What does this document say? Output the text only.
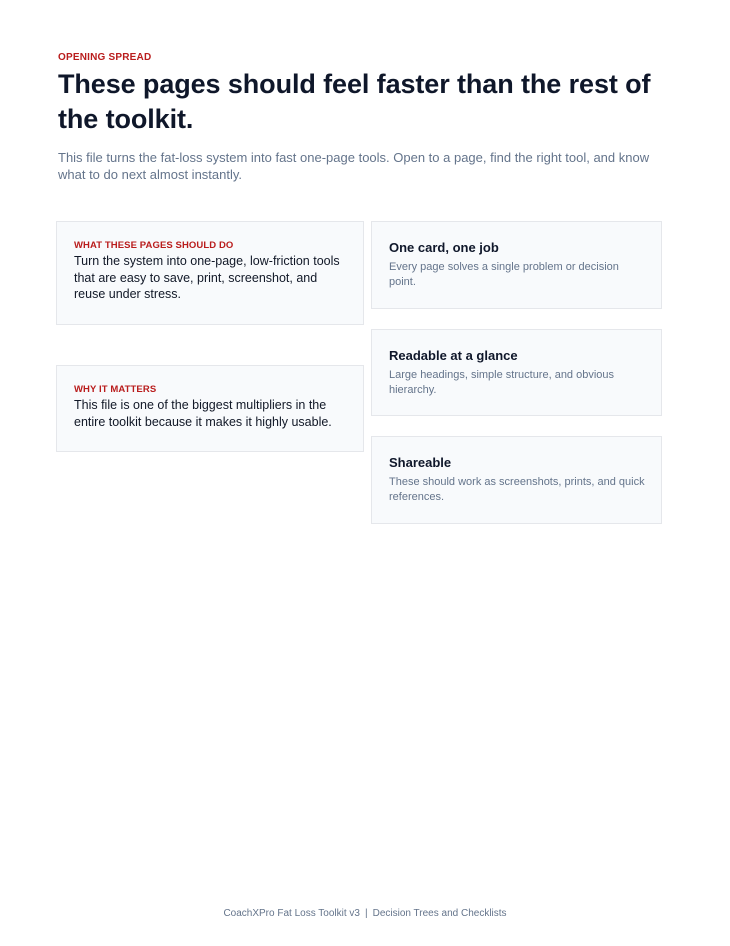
OPENING SPREAD
These pages should feel faster than the rest of the toolkit.

This file turns the fat-loss system into fast one-page tools. Open to a page, find the right tool, and know what to do next almost instantly.

WHAT THESE PAGES SHOULD DO
Turn the system into one-page, low-friction tools that are easy to save, print, screenshot, and reuse under stress.
WHY IT MATTERS
This file is one of the biggest multipliers in the entire toolkit because it makes it highly usable.
One card, one job
Every page solves a single problem or decision point.
Readable at a glance
Large headings, simple structure, and obvious hierarchy.
Shareable
These should work as screenshots, prints, and quick references.
CoachXPro Fat Loss Toolkit v3 | Decision Trees and Checklists
